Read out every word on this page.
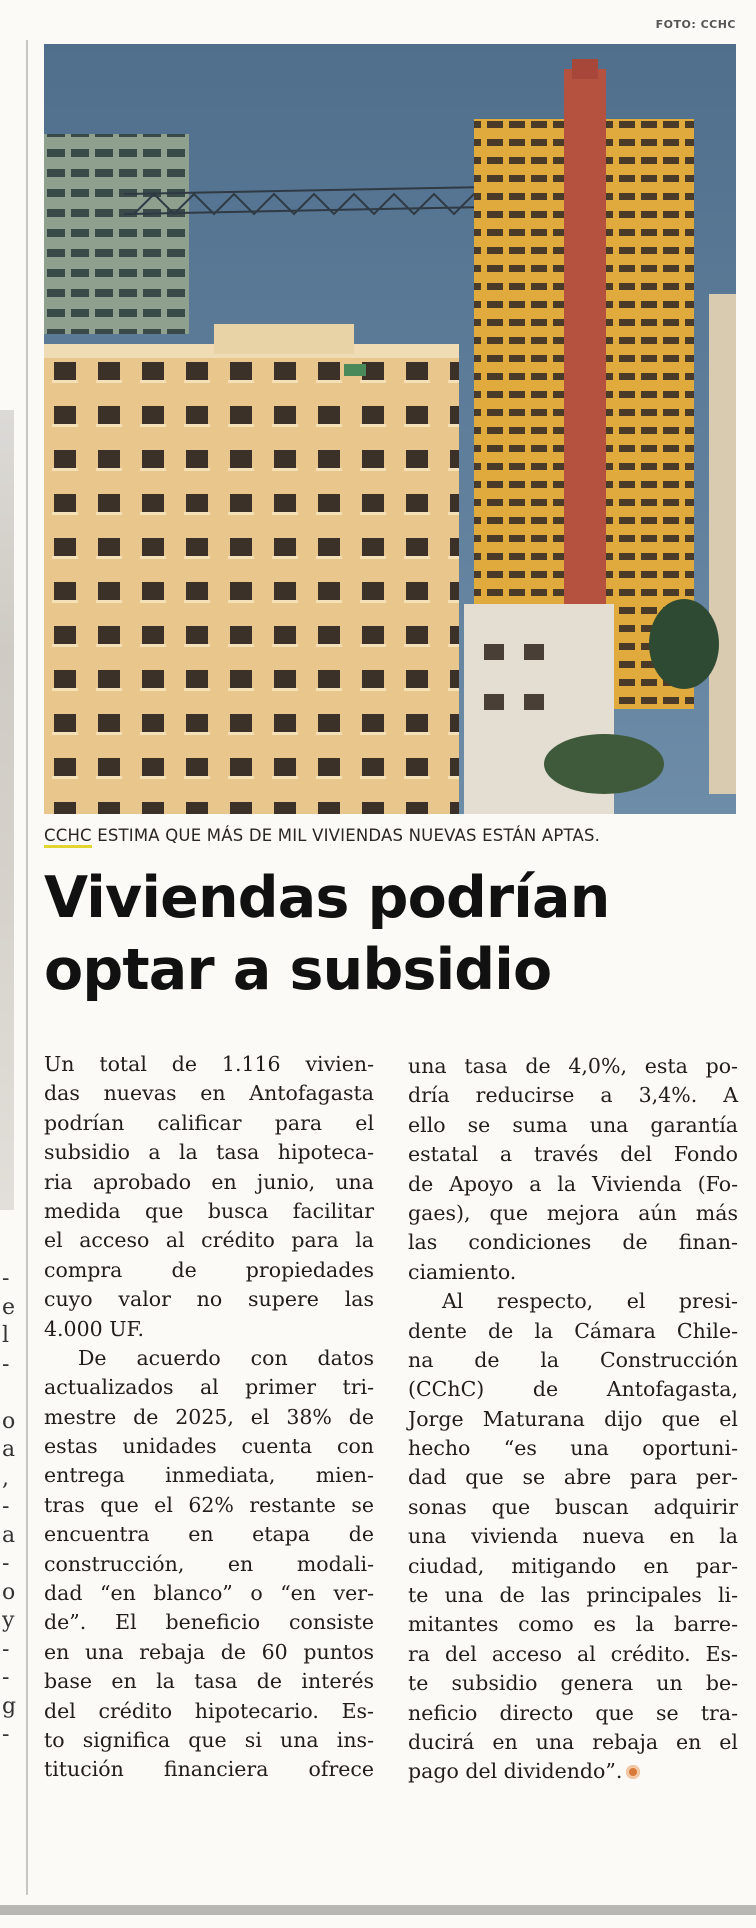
FOTO: CCHC
-
e
l
-
o
a
,
-
a
-
o
y
-
-
g
-
CCHC ESTIMA QUE MÁS DE MIL VIVIENDAS NUEVAS ESTÁN APTAS.
Viviendas podrían
optar a subsidio
Un total de 1.116 vivien-
das nuevas en Antofagasta
podrían calificar para el
subsidio a la tasa hipoteca-
ria aprobado en junio, una
medida que busca facilitar
el acceso al crédito para la
compra de propiedades
cuyo valor no supere las
4.000 UF.
De acuerdo con datos
actualizados al primer tri-
mestre de 2025, el 38% de
estas unidades cuenta con
entrega inmediata, mien-
tras que el 62% restante se
encuentra en etapa de
construcción, en modali-
dad “en blanco” o “en ver-
de”. El beneficio consiste
en una rebaja de 60 puntos
base en la tasa de interés
del crédito hipotecario. Es-
to significa que si una ins-
titución financiera ofrece
una tasa de 4,0%, esta po-
dría reducirse a 3,4%. A
ello se suma una garantía
estatal a través del Fondo
de Apoyo a la Vivienda (Fo-
gaes), que mejora aún más
las condiciones de finan-
ciamiento.
Al respecto, el presi-
dente de la Cámara Chile-
na de la Construcción
(CChC) de Antofagasta,
Jorge Maturana dijo que el
hecho “es una oportuni-
dad que se abre para per-
sonas que buscan adquirir
una vivienda nueva en la
ciudad, mitigando en par-
te una de las principales li-
mitantes como es la barre-
ra del acceso al crédito. Es-
te subsidio genera un be-
neficio directo que se tra-
ducirá en una rebaja en el
pago del dividendo”.
